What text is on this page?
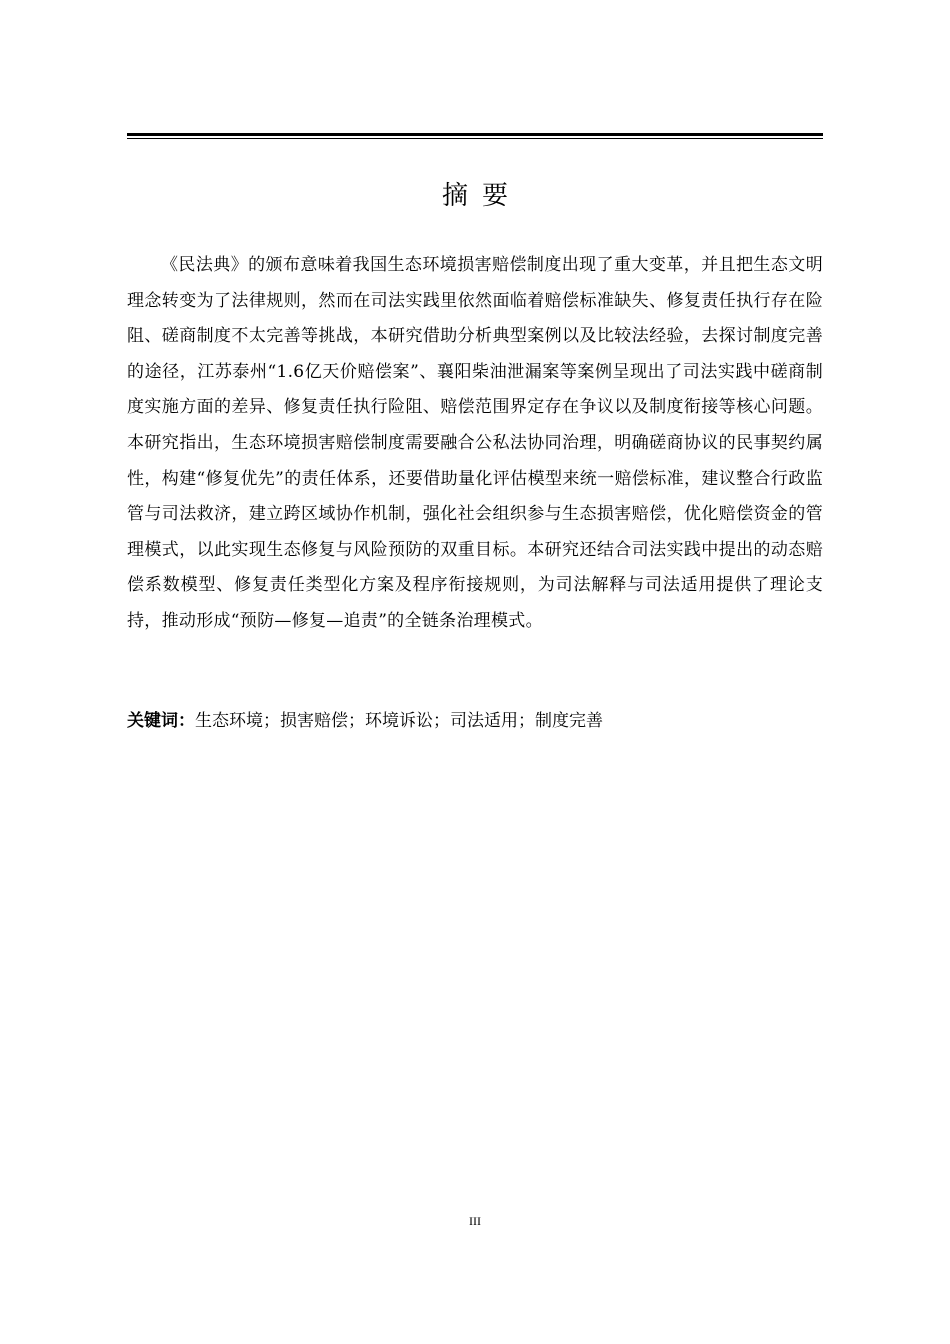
摘要

《民法典》的颁布意味着我国生态环境损害赔偿制度出现了重大变革，并且把生态文明理念转变为了法律规则，然而在司法实践里依然面临着赔偿标准缺失、修复责任执行存在险阻、磋商制度不太完善等挑战，本研究借助分析典型案例以及比较法经验，去探讨制度完善的途径，江苏泰州“1.6亿天价赔偿案”、襄阳柴油泄漏案等案例呈现出了司法实践中磋商制度实施方面的差异、修复责任执行险阻、赔偿范围界定存在争议以及制度衔接等核心问题。本研究指出，生态环境损害赔偿制度需要融合公私法协同治理，明确磋商协议的民事契约属性，构建“修复优先”的责任体系，还要借助量化评估模型来统一赔偿标准，建议整合行政监管与司法救济，建立跨区域协作机制，强化社会组织参与生态损害赔偿，优化赔偿资金的管理模式，以此实现生态修复与风险预防的双重目标。本研究还结合司法实践中提出的动态赔偿系数模型、修复责任类型化方案及程序衔接规则，为司法解释与司法适用提供了理论支持，推动形成“预防—修复—追责”的全链条治理模式。

关键词：生态环境；损害赔偿；环境诉讼；司法适用；制度完善
III
